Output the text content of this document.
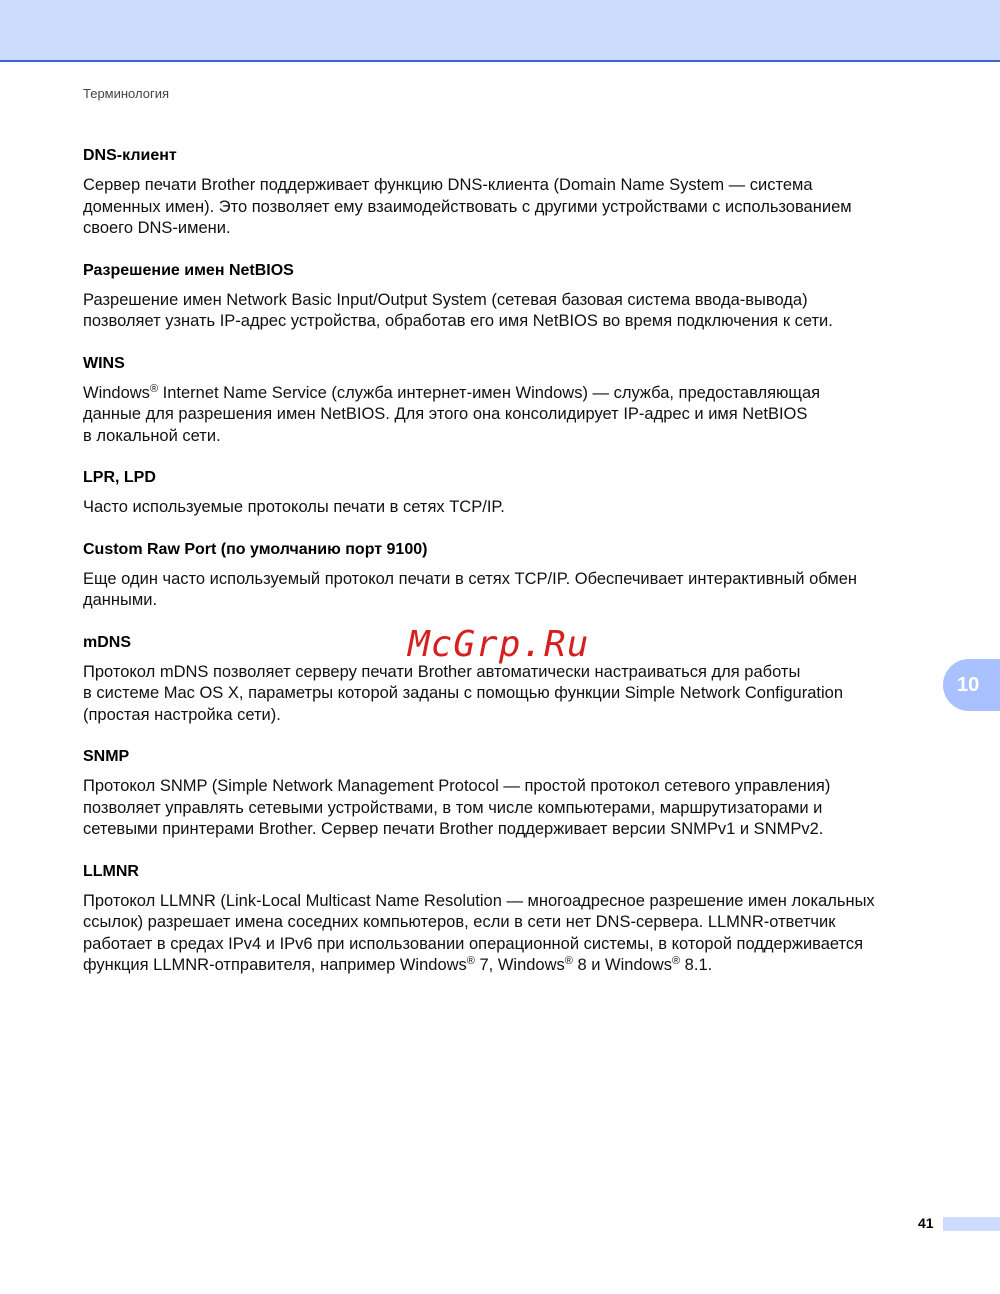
Терминология
DNS-клиент

Сервер печати Brother поддерживает функцию DNS-клиента (Domain Name System — система
доменных имен). Это позволяет ему взаимодействовать с другими устройствами с использованием
своего DNS-имени.

Разрешение имен NetBIOS

Разрешение имен Network Basic Input/Output System (сетевая базовая система ввода-вывода)
позволяет узнать IP-адрес устройства, обработав его имя NetBIOS во время подключения к сети.

WINS

Windows® Internet Name Service (служба интернет-имен Windows) — служба, предоставляющая
данные для разрешения имен NetBIOS. Для этого она консолидирует IP-адрес и имя NetBIOS
в локальной сети.

LPR, LPD

Часто используемые протоколы печати в сетях TCP/IP.

Custom Raw Port (по умолчанию порт 9100)

Еще один часто используемый протокол печати в сетях TCP/IP. Обеспечивает интерактивный обмен
данными.

mDNS

Протокол mDNS позволяет серверу печати Brother автоматически настраиваться для работы
в системе Mac OS X, параметры которой заданы с помощью функции Simple Network Configuration
(простая настройка сети).

SNMP

Протокол SNMP (Simple Network Management Protocol — простой протокол сетевого управления)
позволяет управлять сетевыми устройствами, в том числе компьютерами, маршрутизаторами и
сетевыми принтерами Brother. Сервер печати Brother поддерживает версии SNMPv1 и SNMPv2.

LLMNR

Протокол LLMNR (Link-Local Multicast Name Resolution — многоадресное разрешение имен локальных
ссылок) разрешает имена соседних компьютеров, если в сети нет DNS-сервера. LLMNR-ответчик
работает в средах IPv4 и IPv6 при использовании операционной системы, в которой поддерживается
функция LLMNR-отправителя, например Windows® 7, Windows® 8 и Windows® 8.1.

McGrp.Ru
10
41
